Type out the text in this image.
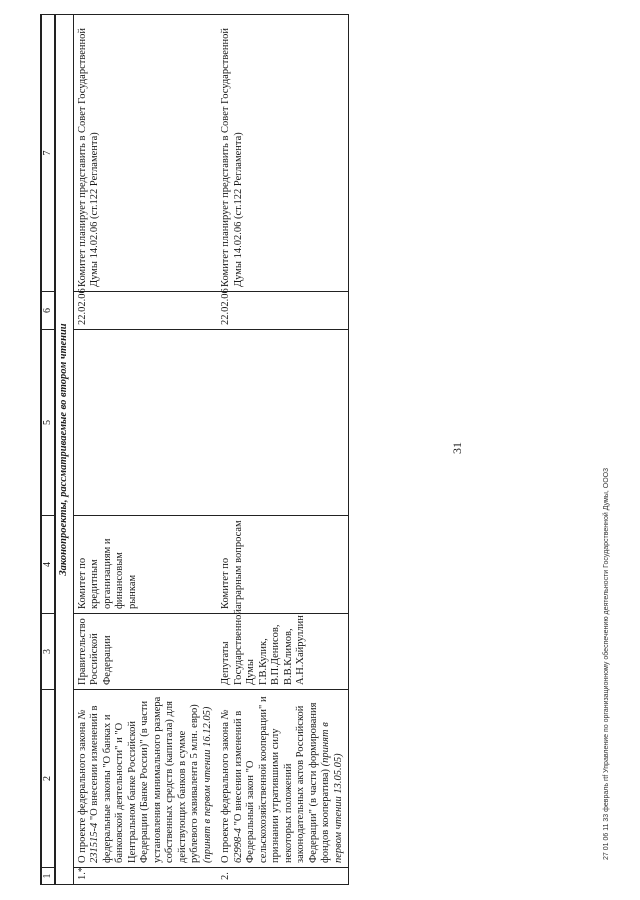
31
1	2	3	4	5	6	7
Законопроекты, рассматриваемые во втором чтении						
1.*	О проекте федерального закона № 231515-4 "О внесении изменений в федеральные законы "О банках и банковской деятельности" и "О Центральном банке Российской Федерации (Банке России)" (в части установления минимального размера собственных средств (капитала) для действующих банков в сумме рублевого эквивалента 5 млн. евро) (принят в первом чтении 16.12.05)	Правительство Российской Федерации	Комитет по кредитным организациям и финансовым рынкам		22.02.06	Комитет планирует представить в Совет Государственной Думы 14.02.06 (ст.122 Регламента)
2.	О проекте федерального закона № 62998-4 "О внесении изменений в Федеральный закон "О сельскохозяйственной кооперации" и признании утратившими силу некоторых положений законодательных актов Российской Федерации" (в части формирования фондов кооператива) (принят в первом чтении 13.05.05)	Депутаты Государственной Думы Г.В.Кулик, В.П.Денисов, В.В.Климов, А.Н.Хайруллин	Комитет по аграрным вопросам		22.02.06	Комитет планирует представить в Совет Государственной Думы 14.02.06 (ст.122 Регламента)
27 01 06 11 33 февраль rtf Управление по организационному обеспечению деятельности Государственной Думы, ООО3
